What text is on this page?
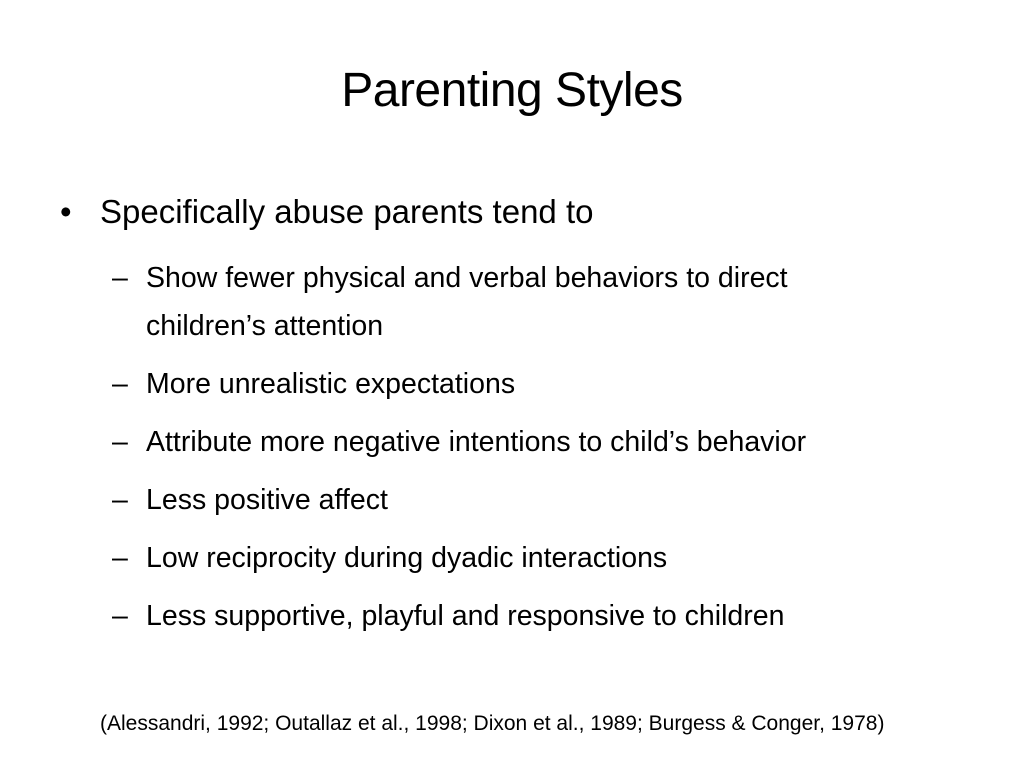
Parenting Styles
• Specifically abuse parents tend to
– Show fewer physical and verbal behaviors to direct children’s attention
– More unrealistic expectations
– Attribute more negative intentions to child’s behavior
– Less positive affect
– Low reciprocity during dyadic interactions
– Less supportive, playful and responsive to children
(Alessandri, 1992; Outallaz et al., 1998; Dixon et al., 1989; Burgess & Conger, 1978)
